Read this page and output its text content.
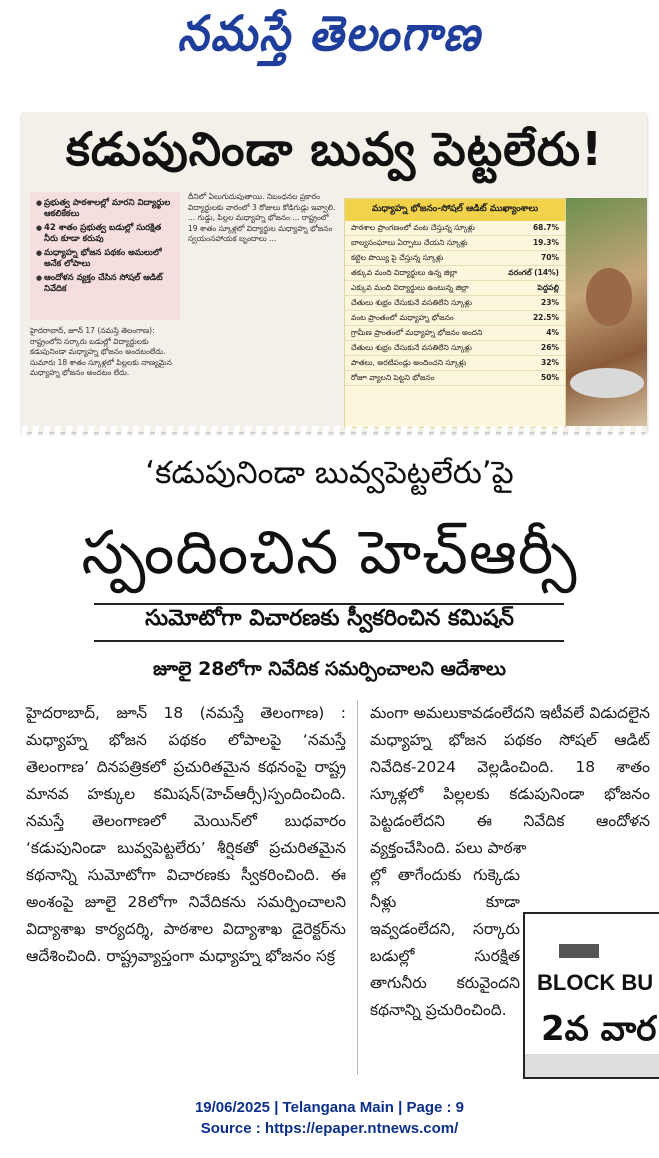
నమస్తే తెలంగాణ
కడుపునిండా బువ్వ పెట్టలేరు!
● ప్రభుత్వ పాఠశాలల్లో మారని విద్యార్థుల ఆకలికేకలు
● 42 శాతం ప్రభుత్వ బడుల్లో సురక్షిత నీరు కూడా కరువు
● మధ్యాహ్న భోజన పథకం అమలులో అనేక లోపాలు
● ఆందోళన వ్యక్తం చేసిన సోషల్ ఆడిట్ నివేదిక
హైదరాబాద్, జూన్ 17 (నమస్తే తెలంగాణ): రాష్ట్రంలోని సర్కారు బడుల్లో విద్యార్థులకు కడుపునిండా మధ్యాహ్న భోజనం అందటంలేదు. సుమారు 18 శాతం స్కూళ్లలో పిల్లలకు నాణ్యమైన మధ్యాహ్న భోజనం అందటం లేదు.
దీనిలో ఏలుగుదుపుతాయి. నిబంధనల ప్రకారం విద్యార్థులకు వారంలో 3 రోజులు కోడిగుడ్లు ఇవ్వాలి. ... గుడ్డు, పిల్లల మధ్యాహ్న భోజనం ... రాష్ట్రంలో 19 శాతం స్కూళ్లలో విద్యార్థుల మధ్యాహ్న భోజనం స్వయంసహాయక బృందాలు ...
మధ్యాహ్న భోజనం-సోషల్ ఆడిట్ ముఖ్యాంశాలు
పాఠశాల ప్రాంగణంలో వంట చేస్తున్న స్కూళ్లు	68.7%
బాల్యసంఘాలు ఏర్పాటు చేయని స్కూళ్లు	19.3%
కట్టెల పొయ్యి పై చేస్తున్న స్కూళ్లు	70%
తక్కువ మంది విద్యార్థులు ఉన్న జిల్లా	వరంగల్ (14%)
ఎక్కువ మంది విద్యార్థులు ఉంటున్న జిల్లా	పెద్దపల్లి
చేతులు శుభ్రం చేసుకునే వసతిలేని స్కూళ్లు	23%
వంట ప్రాంతంలో మధ్యాహ్న భోజనం	22.5%
గ్రామీణ ప్రాంతంలో మధ్యాహ్న భోజనం అందని	4%
చేతులు శుభ్రం చేసుకునే వసతిలేని స్కూళ్లు	26%
పాతలు, అరటిపండ్లు అందించని స్కూళ్లు	32%
రోజూ వ్యాలని పెట్టని భోజనం	50%
‘కడుపునిండా బువ్వపెట్టలేరు’పై
స్పందించిన హెచ్ఆర్సీ
సుమోటోగా విచారణకు స్వీకరించిన కమిషన్
జూలై 28లోగా నివేదిక సమర్పించాలని ఆదేశాలు
హైదరాబాద్, జూన్ 18 (నమస్తే తెలంగాణ) : మధ్యాహ్న భోజన పథకం లోపాలపై ‘నమస్తే తెలంగాణ’ దినపత్రికలో ప్రచురితమైన కథనంపై రాష్ట్ర మానవ హక్కుల కమిషన్(హెచ్ఆర్సీ)స్పందించింది. నమస్తే తెలంగాణలో మెయిన్‌లో బుధవారం ‘కడుపునిండా బువ్వపెట్టలేరు’ శీర్షికతో ప్రచురితమైన కథనాన్ని సుమోటోగా విచారణకు స్వీకరించింది. ఈ అంశంపై జూలై 28లోగా నివేదికను సమర్పించాలని విద్యాశాఖ కార్యదర్శి, పాఠశాల విద్యాశాఖ డైరెక్టర్‌ను ఆదేశించింది. రాష్ట్రవ్యాప్తంగా మధ్యాహ్న భోజనం సక్ర
మంగా అమలుకావడంలేదని ఇటీవలే విడుదలైన మధ్యాహ్న భోజన పథకం సోషల్ ఆడిట్ నివేదిక-2024 వెల్లడించింది. 18 శాతం స్కూళ్లలో పిల్లలకు కడుపునిండా భోజనం పెట్టడంలేదని ఈ నివేదిక ఆందోళన వ్యక్తంచేసింది. పలు పాఠశా
ల్లో తాగేందుకు గుక్కెడు నీళ్లు కూడా ఇవ్వడంలేదని, సర్కారు బడుల్లో సురక్షిత తాగునీరు కరువైందని కథనాన్ని ప్రచురించింది.
BLOCK BU
2వ వార
19/06/2025 | Telangana Main | Page : 9
Source : https://epaper.ntnews.com/
